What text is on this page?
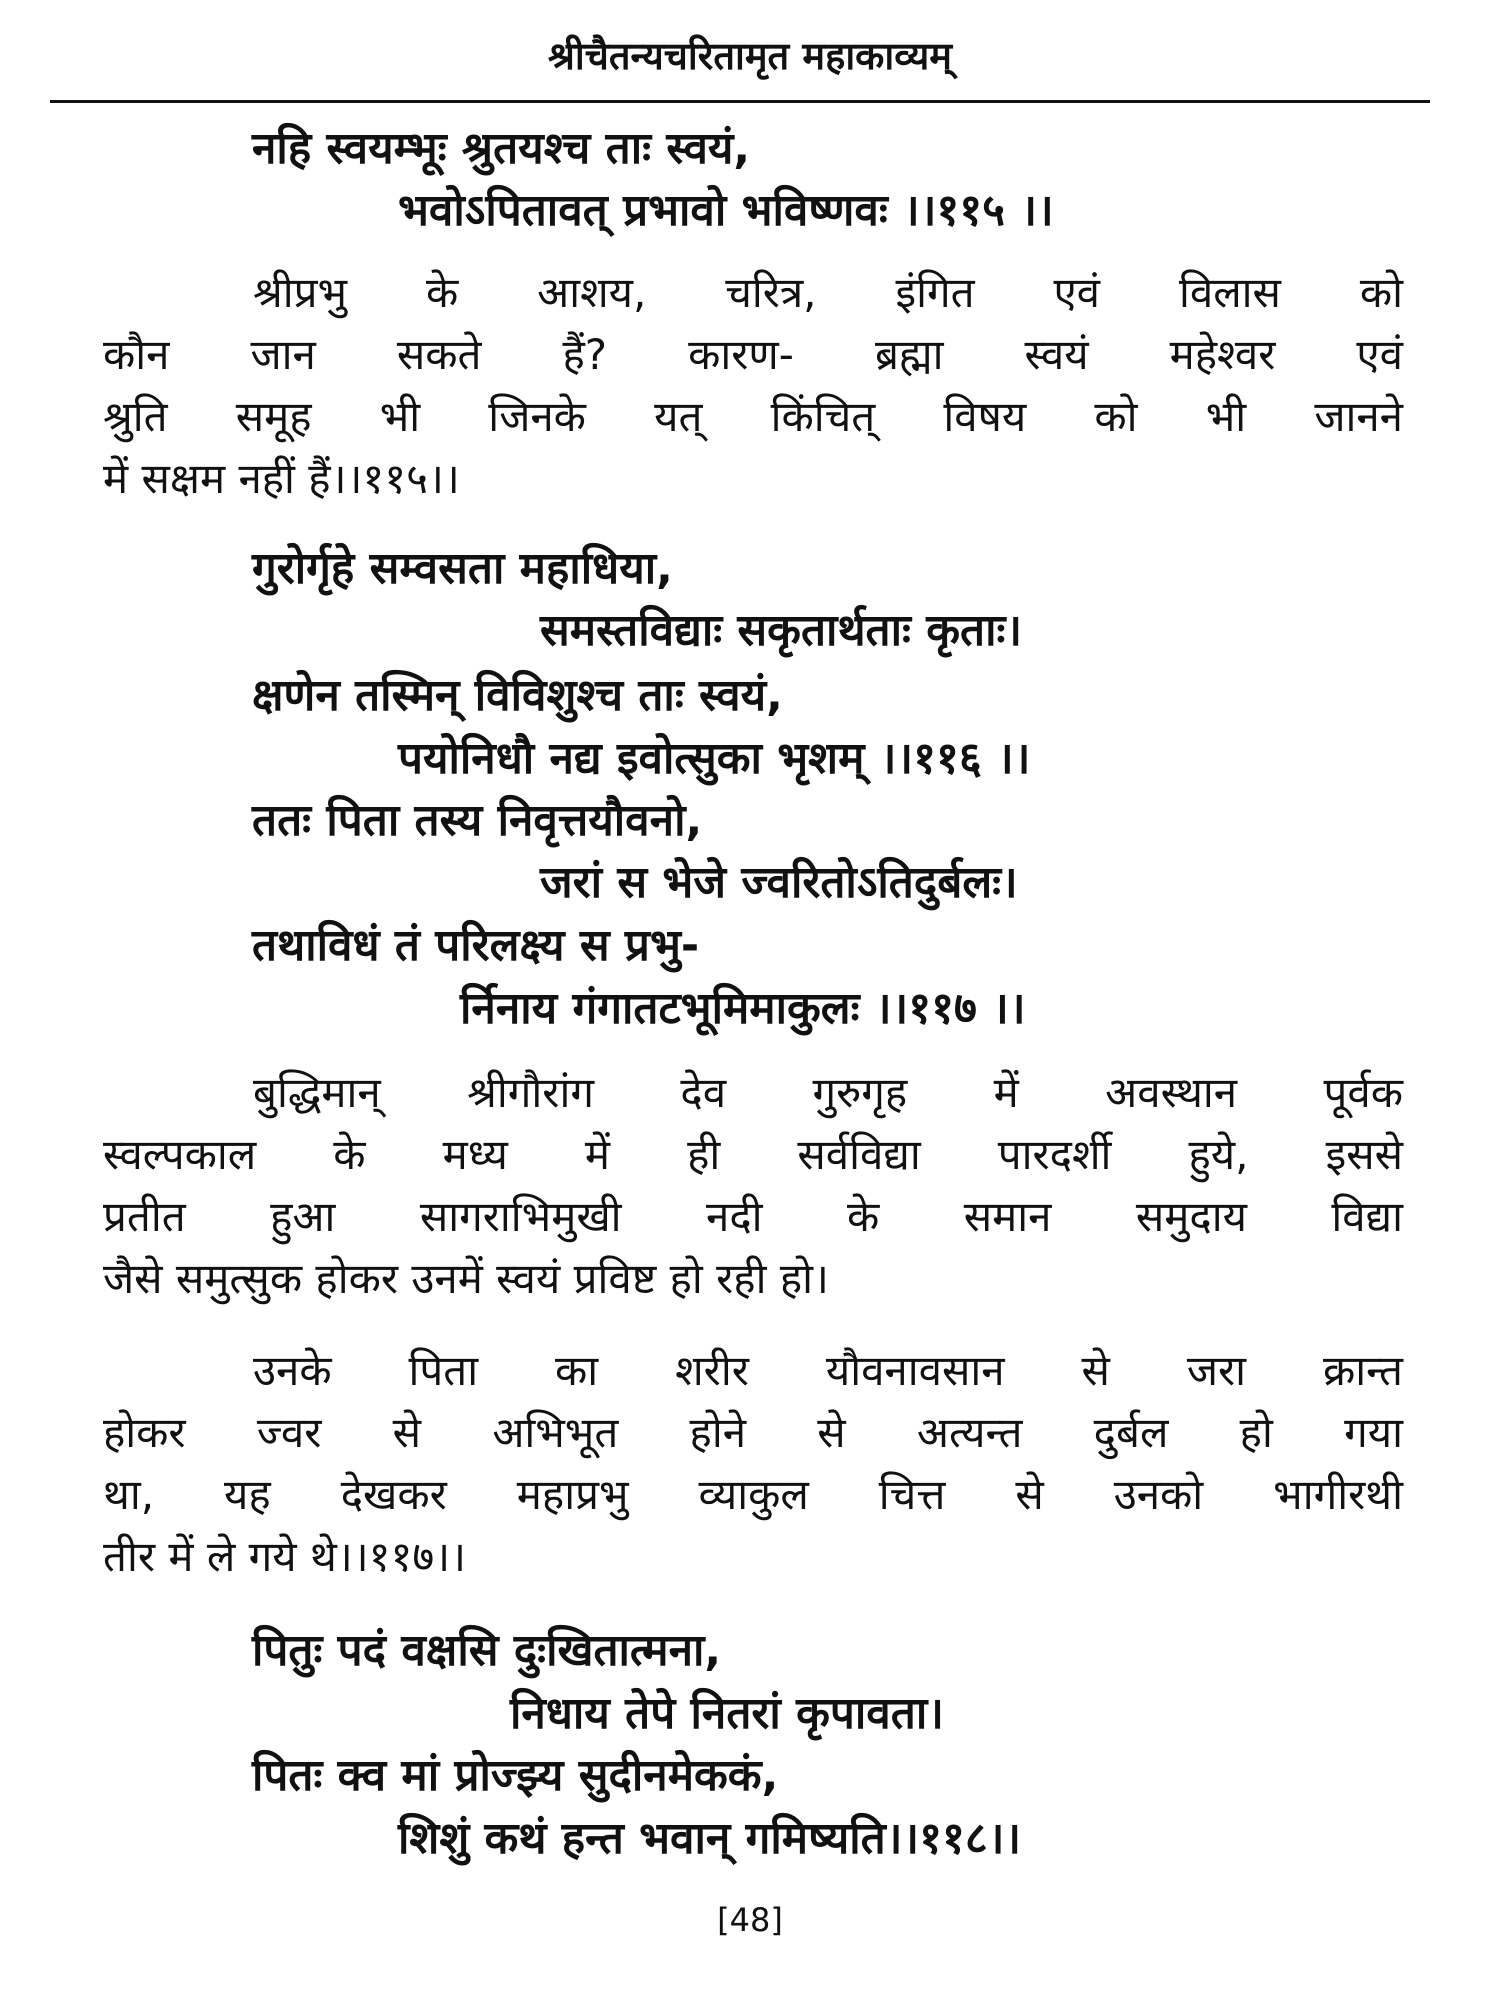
श्रीचैतन्यचरितामृत महाकाव्यम्
नहि स्वयम्भूः श्रुतयश्च ताः स्वयं,
भवोऽपितावत् प्रभावो भविष्णवः ।।११५ ।।
श्रीप्रभु के आशय, चरित्र, इंगित एवं विलास को
कौन जान सकते हैं? कारण- ब्रह्मा स्वयं महेश्वर एवं
श्रुति समूह भी जिनके यत् किंचित् विषय को भी जानने
में सक्षम नहीं हैं।।११५।।
गुरोर्गृहे सम्वसता महाधिया,
समस्तविद्याः सकृतार्थताः कृताः।
क्षणेन तस्मिन् विविशुश्च ताः स्वयं,
पयोनिधौ नद्य इवोत्सुका भृशम् ।।११६ ।।
ततः पिता तस्य निवृत्तयौवनो,
जरां स भेजे ज्वरितोऽतिदुर्बलः।
तथाविधं तं परिलक्ष्य स प्रभु-
र्निनाय गंगातटभूमिमाकुलः ।।११७ ।।
बुद्धिमान् श्रीगौरांग देव गुरुगृह में अवस्थान पूर्वक
स्वल्पकाल के मध्य में ही सर्वविद्या पारदर्शी हुये, इससे
प्रतीत हुआ सागराभिमुखी नदी के समान समुदाय विद्या
जैसे समुत्सुक होकर उनमें स्वयं प्रविष्ट हो रही हो।
उनके पिता का शरीर यौवनावसान से जरा क्रान्त
होकर ज्वर से अभिभूत होने से अत्यन्त दुर्बल हो गया
था, यह देखकर महाप्रभु व्याकुल चित्त से उनको भागीरथी
तीर में ले गये थे।।११७।।
पितुः पदं वक्षसि दुःखितात्मना,
निधाय तेपे नितरां कृपावता।
पितः क्व मां प्रोज्झ्य सुदीनमेककं,
शिशुं कथं हन्त भवान् गमिष्यति।।११८।।
[48]
